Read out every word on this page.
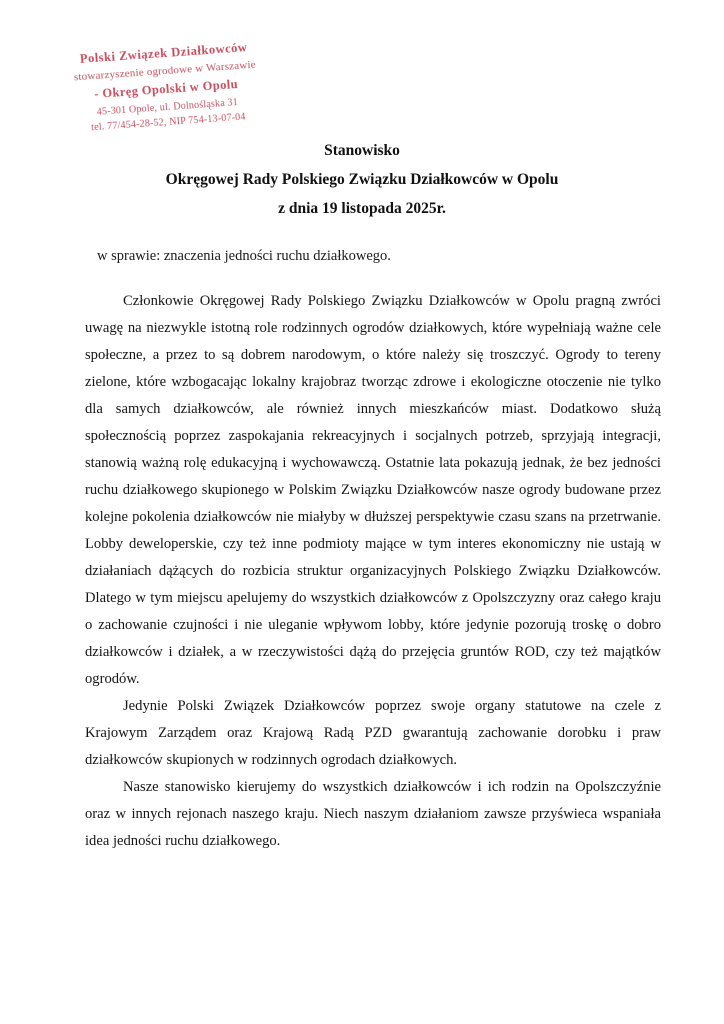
Polski Związek Działkowców
stowarzyszenie ogrodowe w Warszawie
- Okręg Opolski w Opolu
45-301 Opole, ul. Dolnośląska 31
tel. 77/454-28-52, NIP 754-13-07-04
Stanowisko
Okręgowej Rady Polskiego Związku Działkowców w Opolu
z dnia 19 listopada 2025r.
w sprawie: znaczenia jedności ruchu działkowego.

Członkowie Okręgowej Rady Polskiego Związku Działkowców w Opolu pragną zwróci uwagę na niezwykle istotną role rodzinnych ogrodów działkowych, które wypełniają ważne cele społeczne, a przez to są dobrem narodowym, o które należy się troszczyć. Ogrody to tereny zielone, które wzbogacając lokalny krajobraz tworząc zdrowe i ekologiczne otoczenie nie tylko dla samych działkowców, ale również innych mieszkańców miast. Dodatkowo służą społecznością poprzez zaspokajania rekreacyjnych i socjalnych potrzeb, sprzyjają integracji, stanowią ważną rolę edukacyjną i wychowawczą. Ostatnie lata pokazują jednak, że bez jedności ruchu działkowego skupionego w Polskim Związku Działkowców nasze ogrody budowane przez kolejne pokolenia działkowców nie miałyby w dłuższej perspektywie czasu szans na przetrwanie. Lobby deweloperskie, czy też inne podmioty mające w tym interes ekonomiczny nie ustają w działaniach dążących do rozbicia struktur organizacyjnych Polskiego Związku Działkowców. Dlatego w tym miejscu apelujemy do wszystkich działkowców z Opolszczyzny oraz całego kraju o zachowanie czujności i nie uleganie wpływom lobby, które jedynie pozorują troskę o dobro działkowców i działek, a w rzeczywistości dążą do przejęcia gruntów ROD, czy też majątków ogrodów.

Jedynie Polski Związek Działkowców poprzez swoje organy statutowe na czele z Krajowym Zarządem oraz Krajową Radą PZD gwarantują zachowanie dorobku i praw działkowców skupionych w rodzinnych ogrodach działkowych.

Nasze stanowisko kierujemy do wszystkich działkowców i ich rodzin na Opolszczyźnie oraz w innych rejonach naszego kraju. Niech naszym działaniom zawsze przyświeca wspaniała idea jedności ruchu działkowego.
